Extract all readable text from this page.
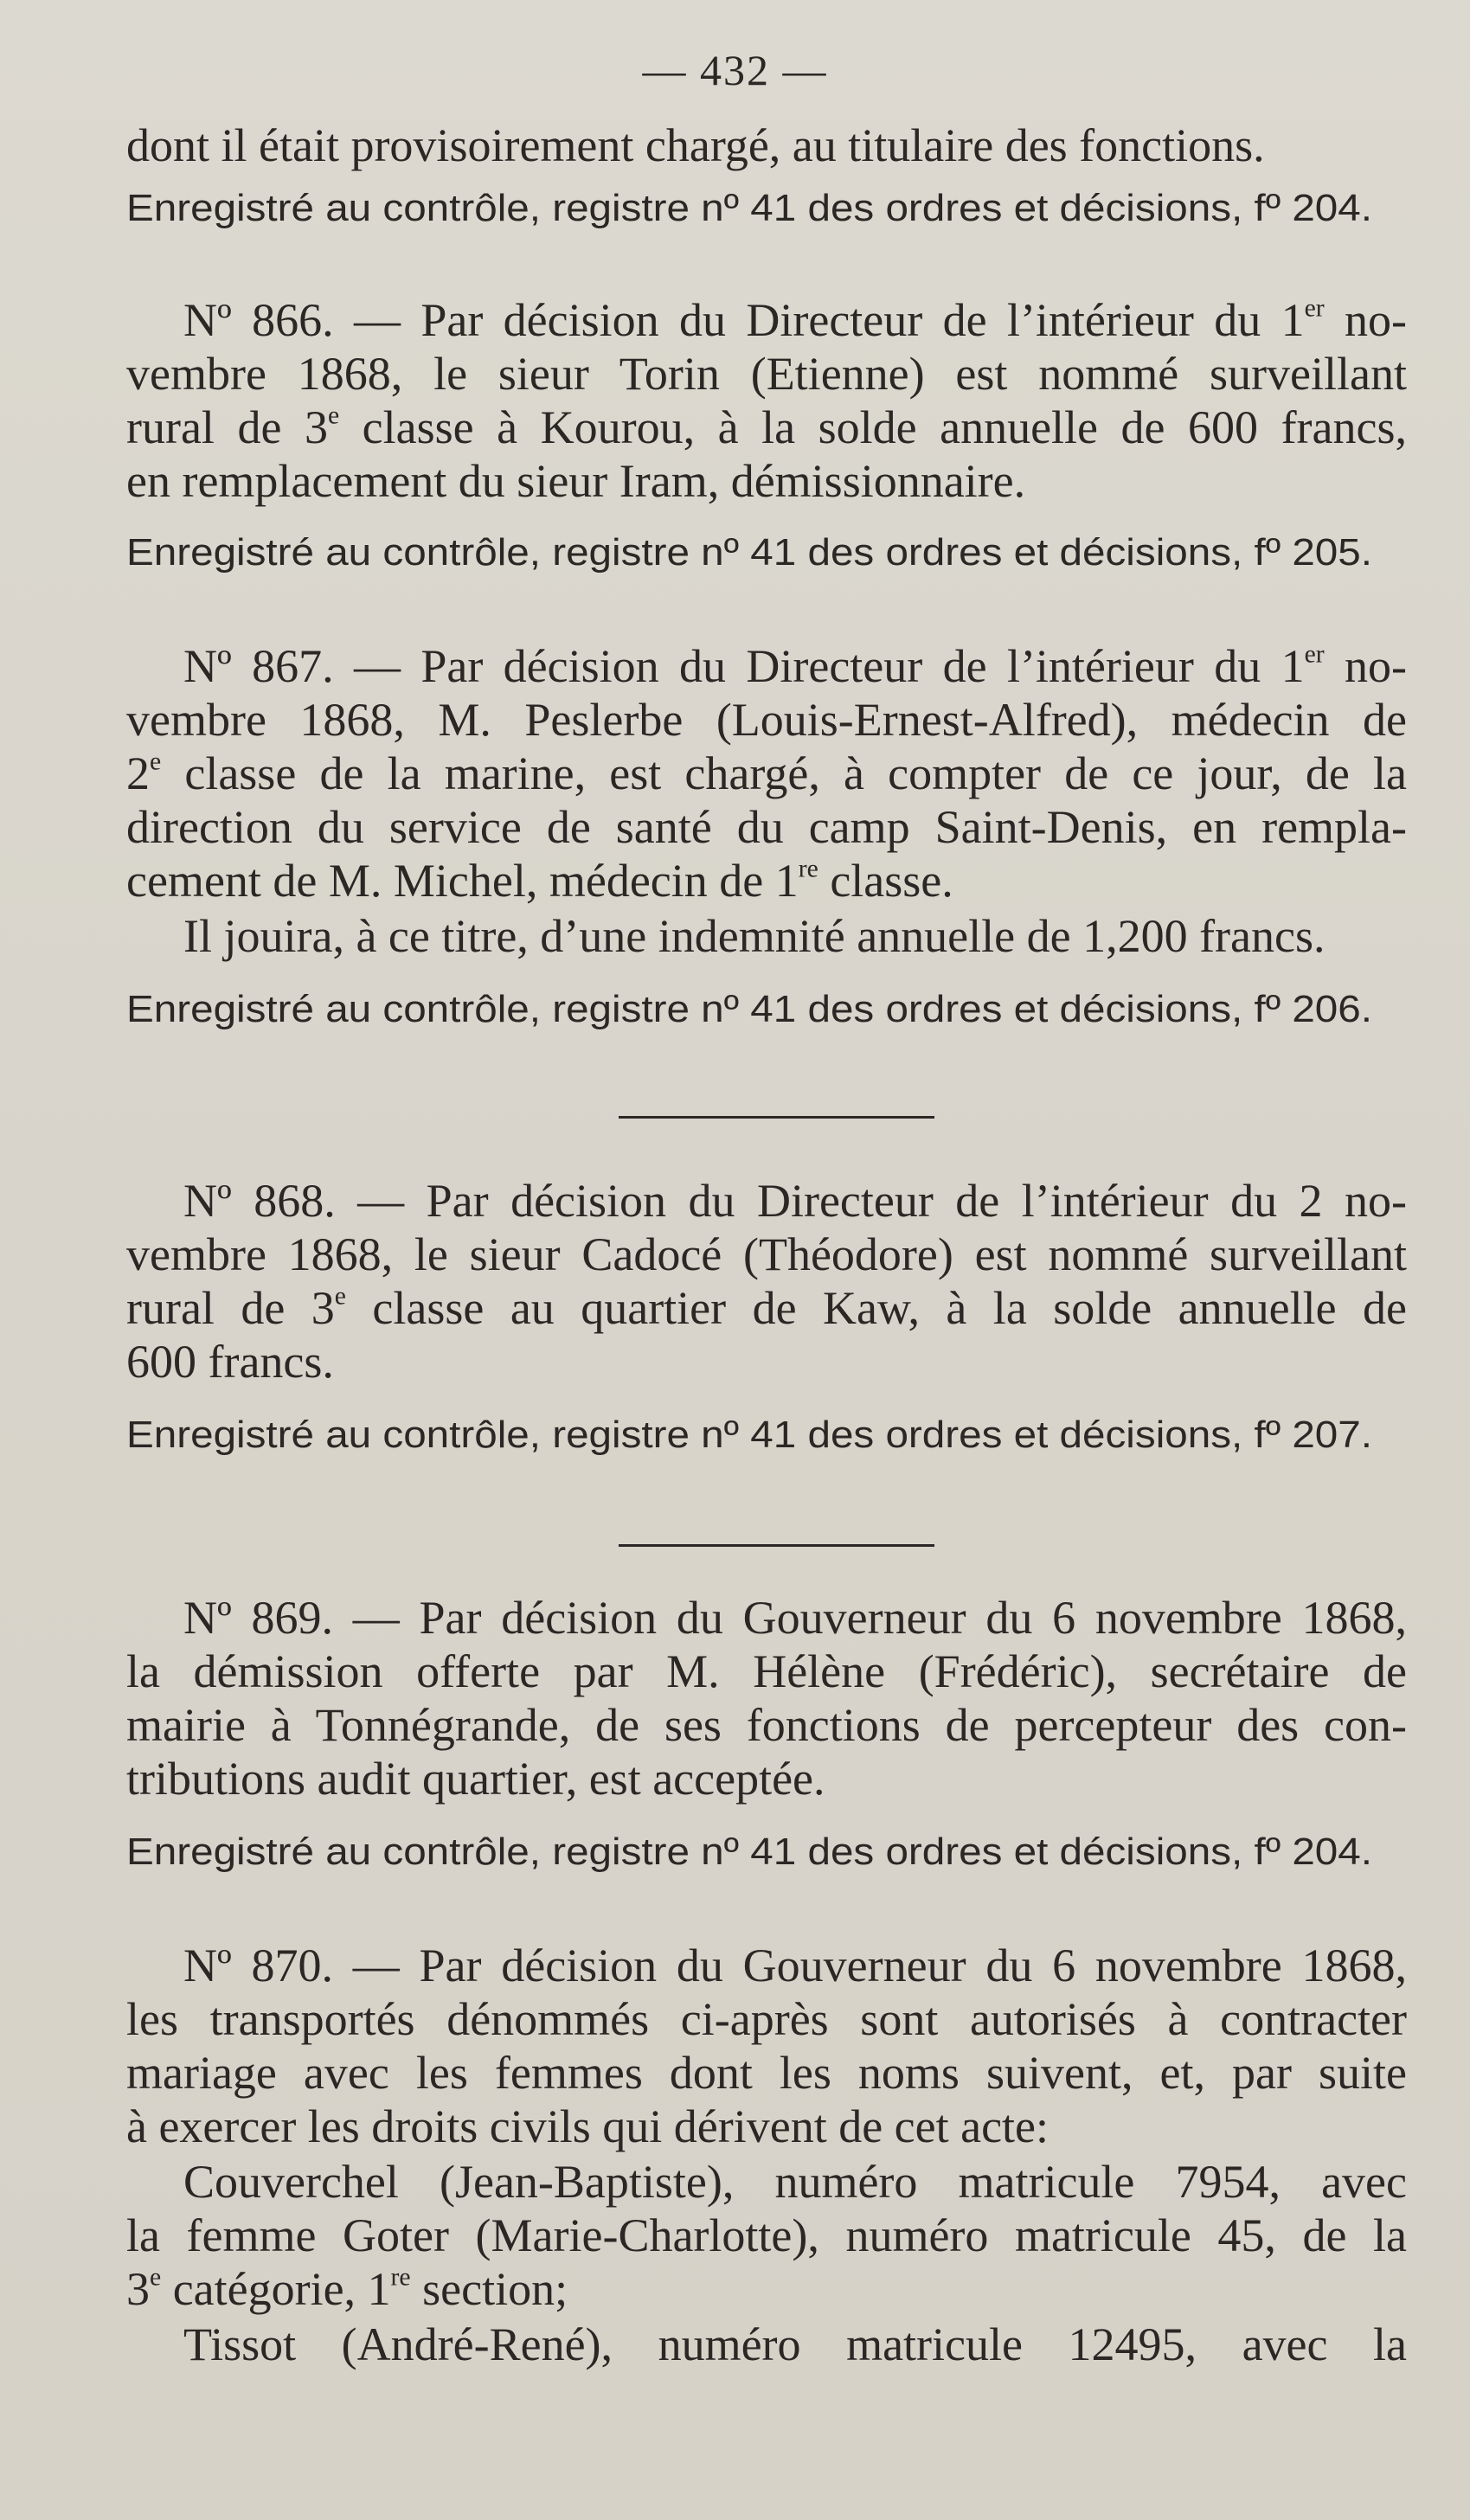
— 432 —
dont il était provisoirement chargé, au titulaire des fonctions.
Enregistré au contrôle, registre nº 41 des ordres et décisions, fº 204.
Nº 866. — Par décision du Directeur de l’intérieur du 1er no-
vembre 1868, le sieur Torin (Etienne) est nommé surveillant
rural de 3e classe à Kourou, à la solde annuelle de 600 francs,
en remplacement du sieur Iram, démissionnaire.
Enregistré au contrôle, registre nº 41 des ordres et décisions, fº 205.
Nº 867. — Par décision du Directeur de l’intérieur du 1er no-
vembre 1868, M. Peslerbe (Louis-Ernest-Alfred), médecin de
2e classe de la marine, est chargé, à compter de ce jour, de la
direction du service de santé du camp Saint-Denis, en rempla-
cement de M. Michel, médecin de 1re classe.
Il jouira, à ce titre, d’une indemnité annuelle de 1,200 francs.
Enregistré au contrôle, registre nº 41 des ordres et décisions, fº 206.
Nº 868. — Par décision du Directeur de l’intérieur du 2 no-
vembre 1868, le sieur Cadocé (Théodore) est nommé surveillant
rural de 3e classe au quartier de Kaw, à la solde annuelle de
600 francs.
Enregistré au contrôle, registre nº 41 des ordres et décisions, fº 207.
Nº 869. — Par décision du Gouverneur du 6 novembre 1868,
la démission offerte par M. Hélène (Frédéric), secrétaire de
mairie à Tonnégrande, de ses fonctions de percepteur des con-
tributions audit quartier, est acceptée.
Enregistré au contrôle, registre nº 41 des ordres et décisions, fº 204.
Nº 870. — Par décision du Gouverneur du 6 novembre 1868,
les transportés dénommés ci-après sont autorisés à contracter
mariage avec les femmes dont les noms suivent, et, par suite
à exercer les droits civils qui dérivent de cet acte:
Couverchel (Jean-Baptiste), numéro matricule 7954, avec
la femme Goter (Marie-Charlotte), numéro matricule 45, de la
3e catégorie, 1re section;
Tissot (André-René), numéro matricule 12495, avec la
